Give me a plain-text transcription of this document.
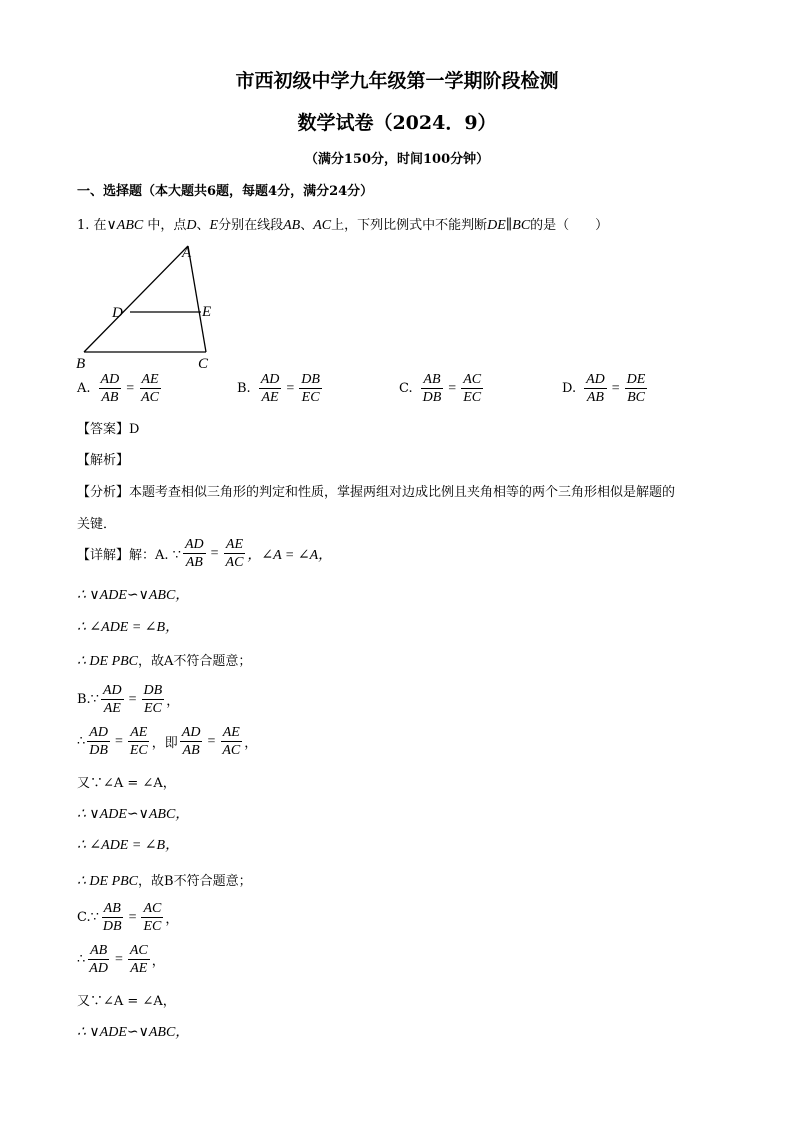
市西初级中学九年级第一学期阶段检测
数学试卷（2024．9）
（满分150分，时间100分钟）
一、选择题（本大题共6题，每题4分，满分24分）
1. 在∨ABC 中，点D、E分别在线段AB、AC上，下列比例式中不能判断DE∥BC的是（　　）
A
D	E
B	C
A. $\frac{AD}{AB} = \frac{AE}{AC}$	B. $\frac{AD}{AE} = \frac{DB}{EC}$	C. $\frac{AB}{DB} = \frac{AC}{EC}$	D. $\frac{AD}{AB} = \frac{DE}{BC}$
【答案】D
【解析】
【分析】本题考查相似三角形的判定和性质，掌握两组对边成比例且夹角相等的两个三角形相似是解题的
关键．
【详解】解：A. ∵ $\frac{AD}{AB} = \frac{AE}{AC}$ ，∠A = ∠A，
∴ ∨ADE∽∨ABC，
∴ ∠ADE = ∠B，
∴ DE PBC，故A不符合题意；
B.∵ $\frac{AD}{AE} = \frac{DB}{EC}$ ，
∴ $\frac{AD}{DB} = \frac{AE}{EC}$ ，即 $\frac{AD}{AB} = \frac{AE}{AC}$ ，
又∵∠A = ∠A，
∴ ∨ADE∽∨ABC，
∴ ∠ADE = ∠B，
∴ DE PBC，故B不符合题意；
C.∵ $\frac{AB}{DB} = \frac{AC}{EC}$ ，
∴ $\frac{AB}{AD} = \frac{AC}{AE}$ ，
又∵∠A = ∠A，
∴ ∨ADE∽∨ABC，
